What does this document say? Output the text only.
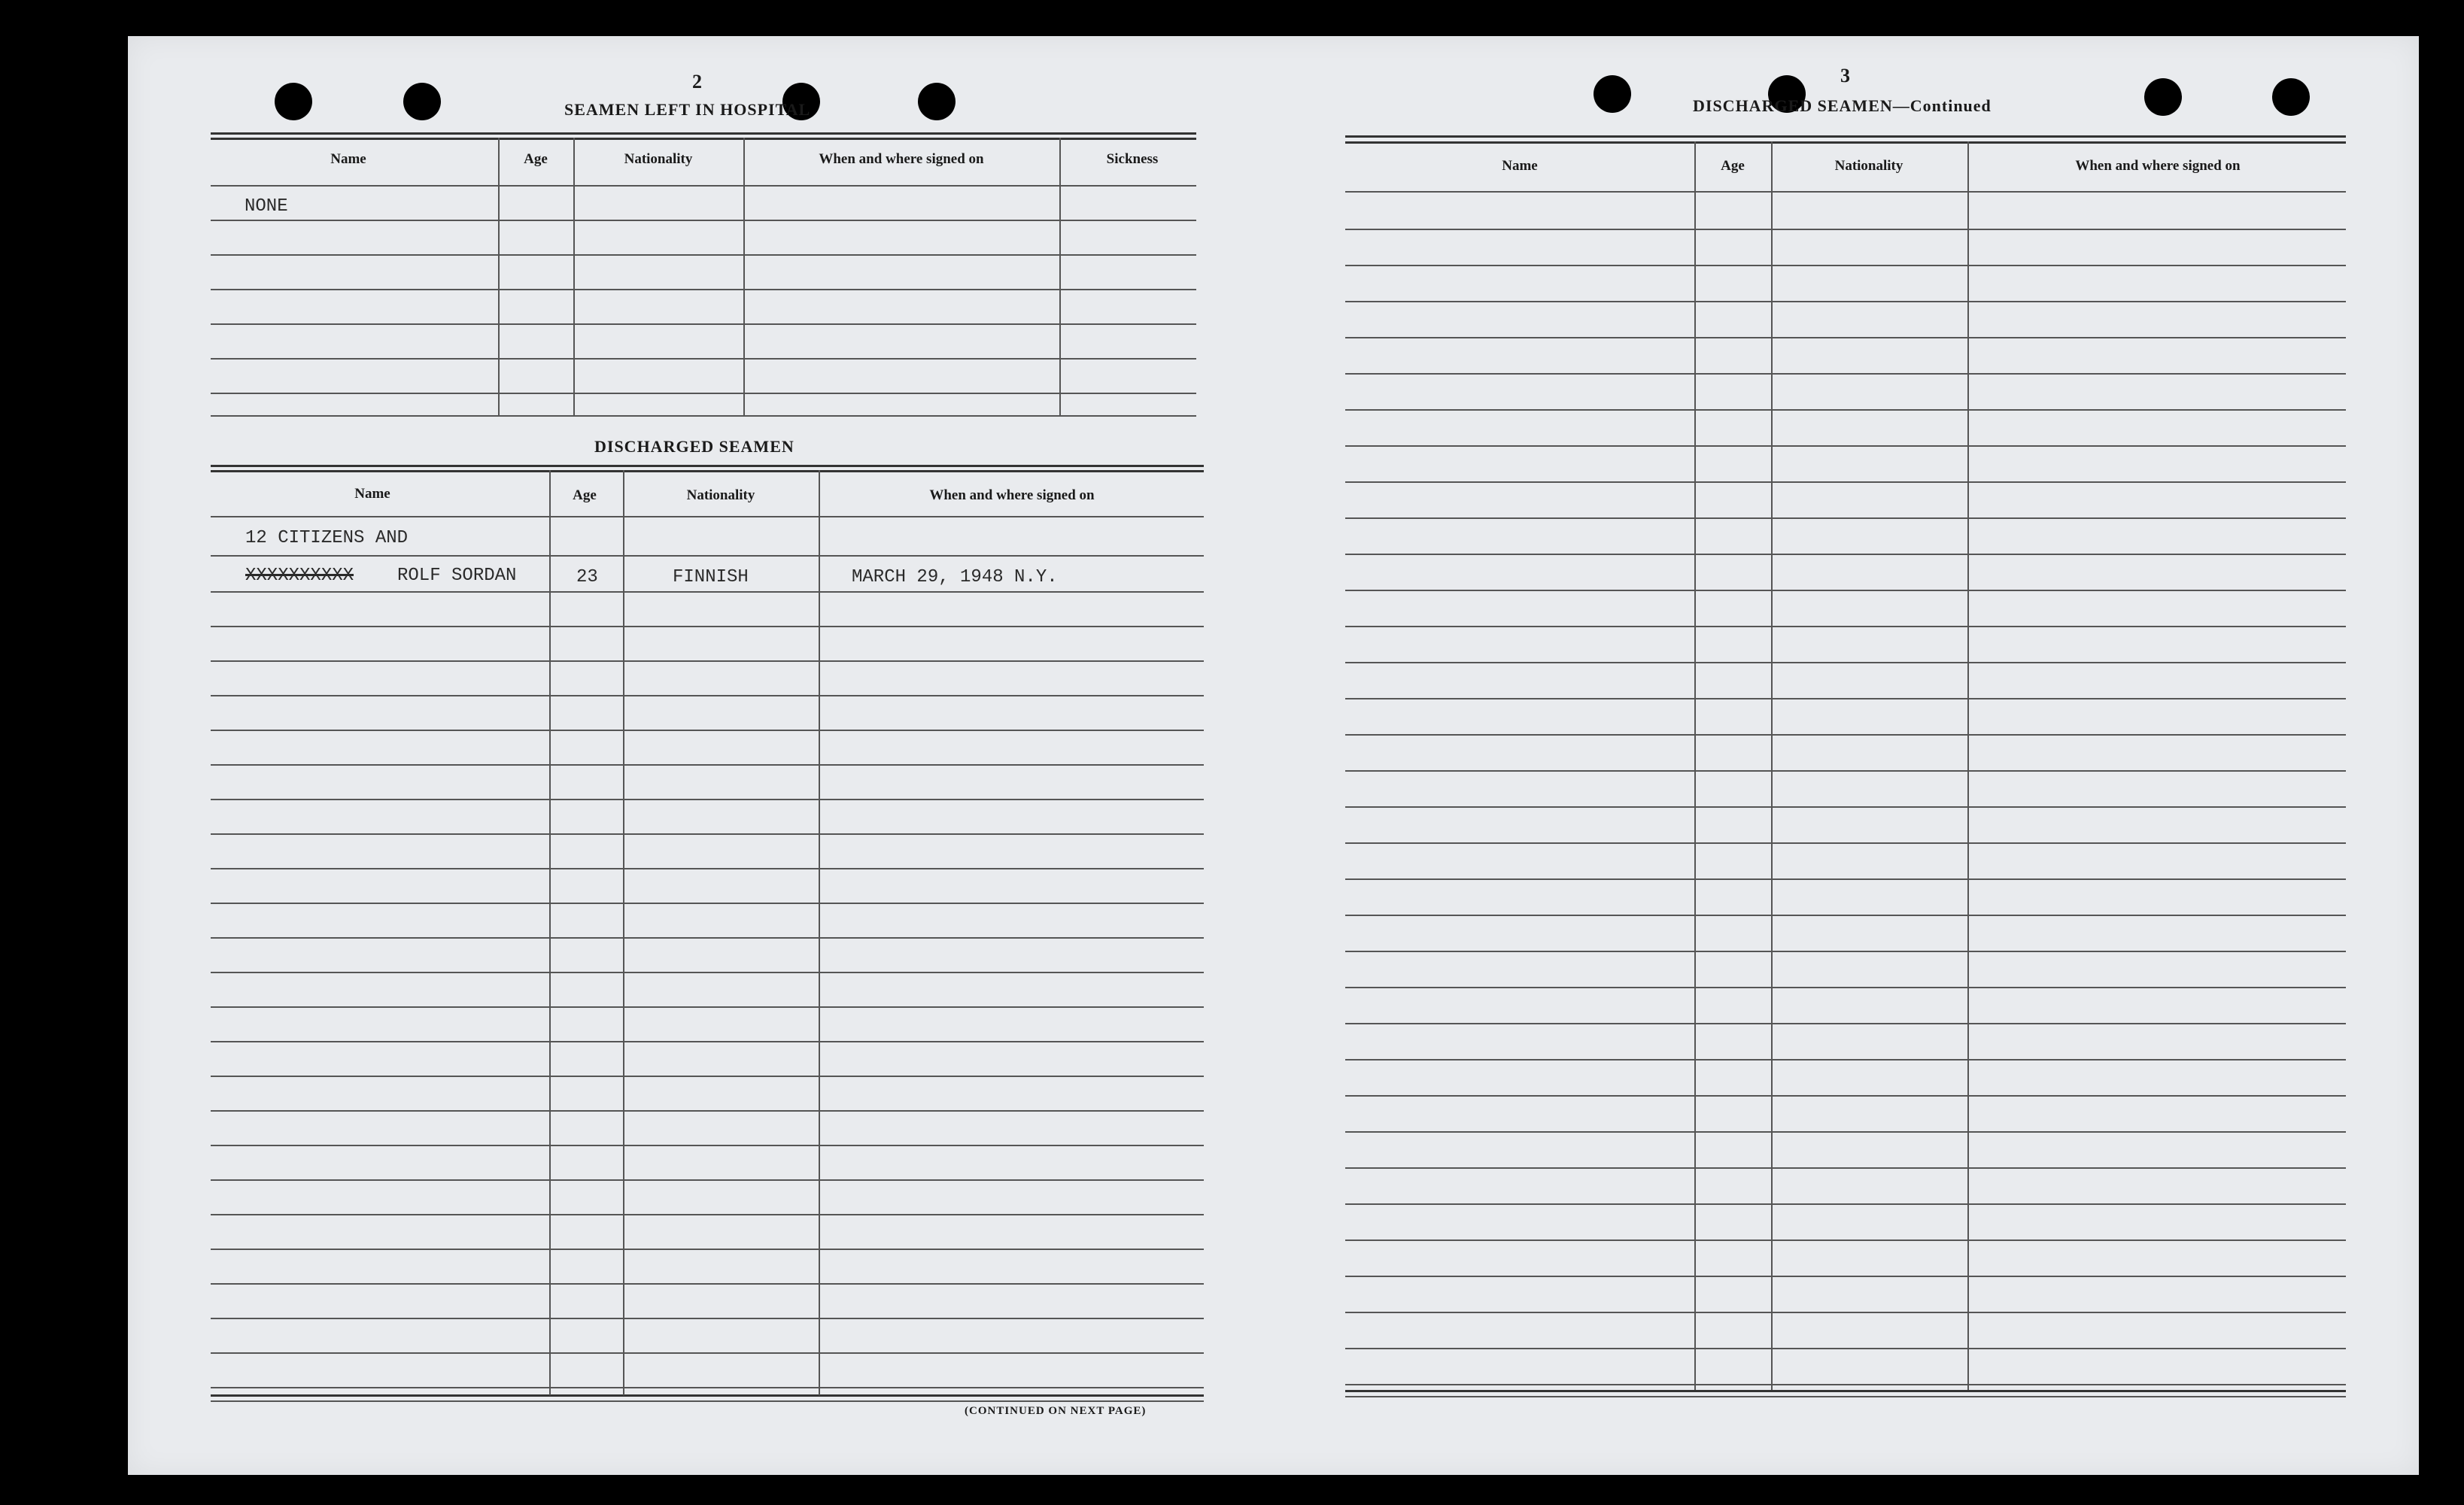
2
SEAMEN LEFT IN HOSPITAL
Name	Age	Nationality	When and where signed on	Sickness
NONE
DISCHARGED SEAMEN
Name	Age	Nationality	When and where signed on
12 CITIZENS AND
XXXXXXXXXX ROLF SORDAN	23	FINNISH	MARCH 29, 1948 N.Y.
(CONTINUED ON NEXT PAGE)
3
DISCHARGED SEAMEN—Continued
Name	Age	Nationality	When and where signed on
